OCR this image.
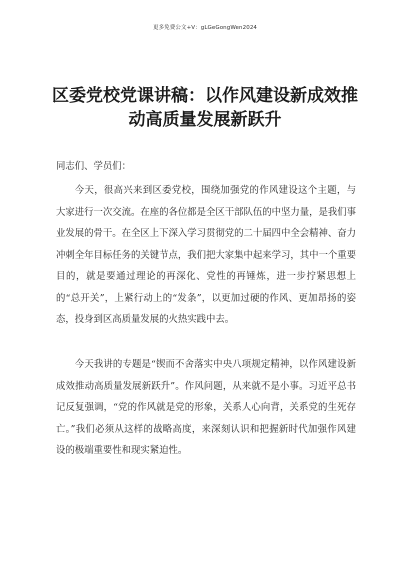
更多免费公文+V：gLGeGongWen2024
区委党校党课讲稿：以作风建设新成效推
动高质量发展新跃升
同志们、学员们：

今天，很高兴来到区委党校，围绕加强党的作风建设这个主题，与大家进行一次交流。在座的各位都是全区干部队伍的中坚力量，是我们事业发展的骨干。在全区上下深入学习贯彻党的二十届四中全会精神、奋力冲刺全年目标任务的关键节点，我们把大家集中起来学习，其中一个重要目的，就是要通过理论的再深化、党性的再锤炼，进一步拧紧思想上的“总开关”，上紧行动上的“发条”，以更加过硬的作风、更加昂扬的姿态，投身到区高质量发展的火热实践中去。

今天我讲的专题是“锲而不舍落实中央八项规定精神，以作风建设新成效推动高质量发展新跃升”。作风问题，从来就不是小事。习近平总书记反复强调，“党的作风就是党的形象，关系人心向背，关系党的生死存亡。”我们必须从这样的战略高度，来深刻认识和把握新时代加强作风建设的极端重要性和现实紧迫性。
